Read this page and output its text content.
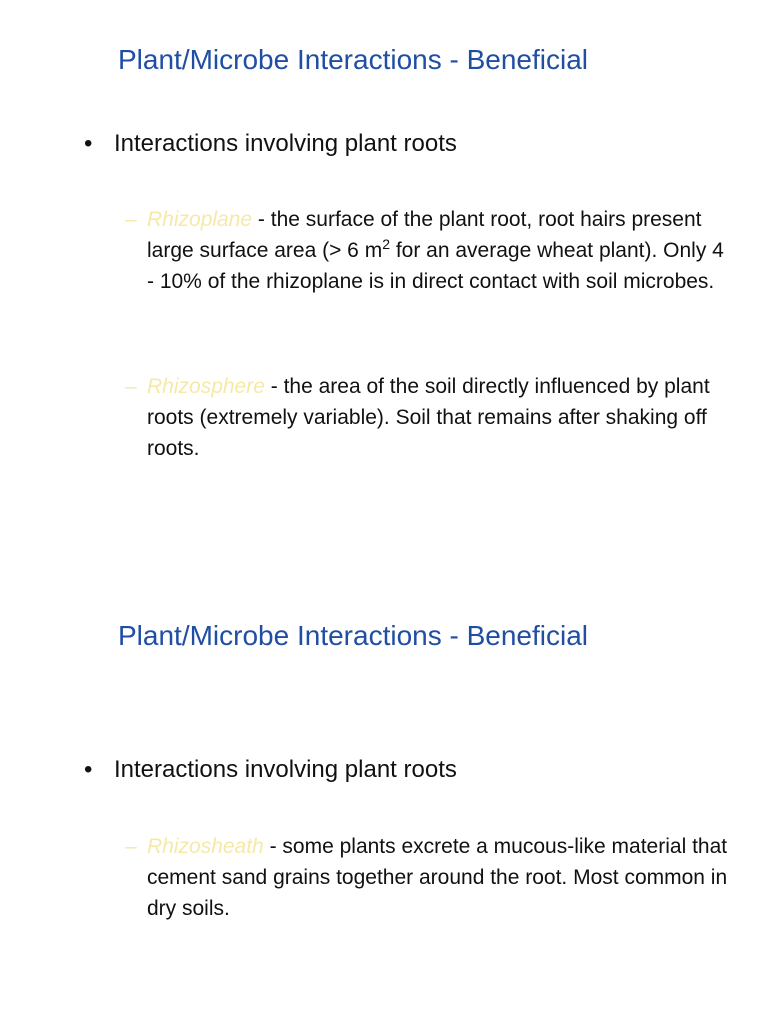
Plant/Microbe Interactions - Beneficial
• Interactions involving plant roots
– Rhizoplane - the surface of the plant root, root hairs present large surface area (> 6 $m^2$ for an average wheat plant). Only 4 - 10% of the rhizoplane is in direct contact with soil microbes.
– Rhizosphere - the area of the soil directly influenced by plant roots (extremely variable). Soil that remains after shaking off roots.
Plant/Microbe Interactions - Beneficial
• Interactions involving plant roots
– Rhizosheath - some plants excrete a mucous-like material that cement sand grains together around the root. Most common in dry soils.
